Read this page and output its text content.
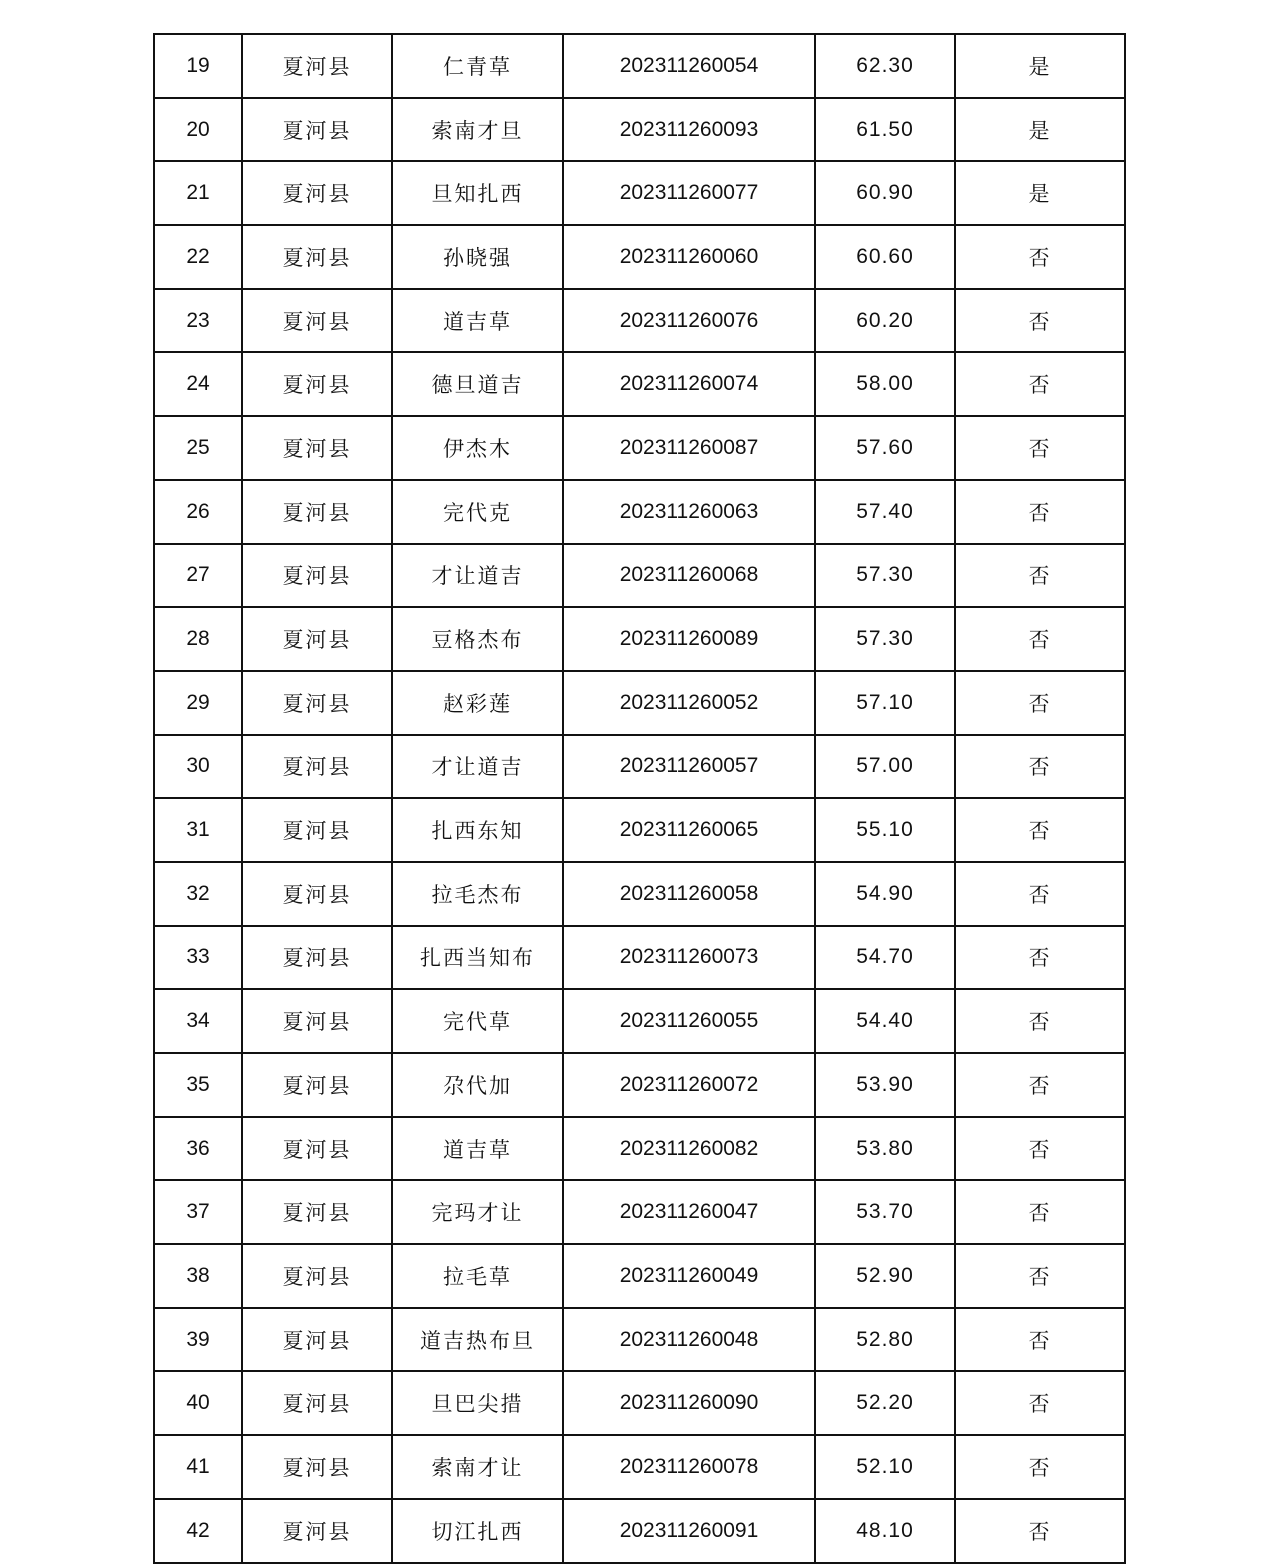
19	夏河县	仁青草	202311260054	62.30	是
20	夏河县	索南才旦	202311260093	61.50	是
21	夏河县	旦知扎西	202311260077	60.90	是
22	夏河县	孙晓强	202311260060	60.60	否
23	夏河县	道吉草	202311260076	60.20	否
24	夏河县	德旦道吉	202311260074	58.00	否
25	夏河县	伊杰木	202311260087	57.60	否
26	夏河县	完代克	202311260063	57.40	否
27	夏河县	才让道吉	202311260068	57.30	否
28	夏河县	豆格杰布	202311260089	57.30	否
29	夏河县	赵彩莲	202311260052	57.10	否
30	夏河县	才让道吉	202311260057	57.00	否
31	夏河县	扎西东知	202311260065	55.10	否
32	夏河县	拉毛杰布	202311260058	54.90	否
33	夏河县	扎西当知布	202311260073	54.70	否
34	夏河县	完代草	202311260055	54.40	否
35	夏河县	尕代加	202311260072	53.90	否
36	夏河县	道吉草	202311260082	53.80	否
37	夏河县	完玛才让	202311260047	53.70	否
38	夏河县	拉毛草	202311260049	52.90	否
39	夏河县	道吉热布旦	202311260048	52.80	否
40	夏河县	旦巴尖措	202311260090	52.20	否
41	夏河县	索南才让	202311260078	52.10	否
42	夏河县	切江扎西	202311260091	48.10	否
